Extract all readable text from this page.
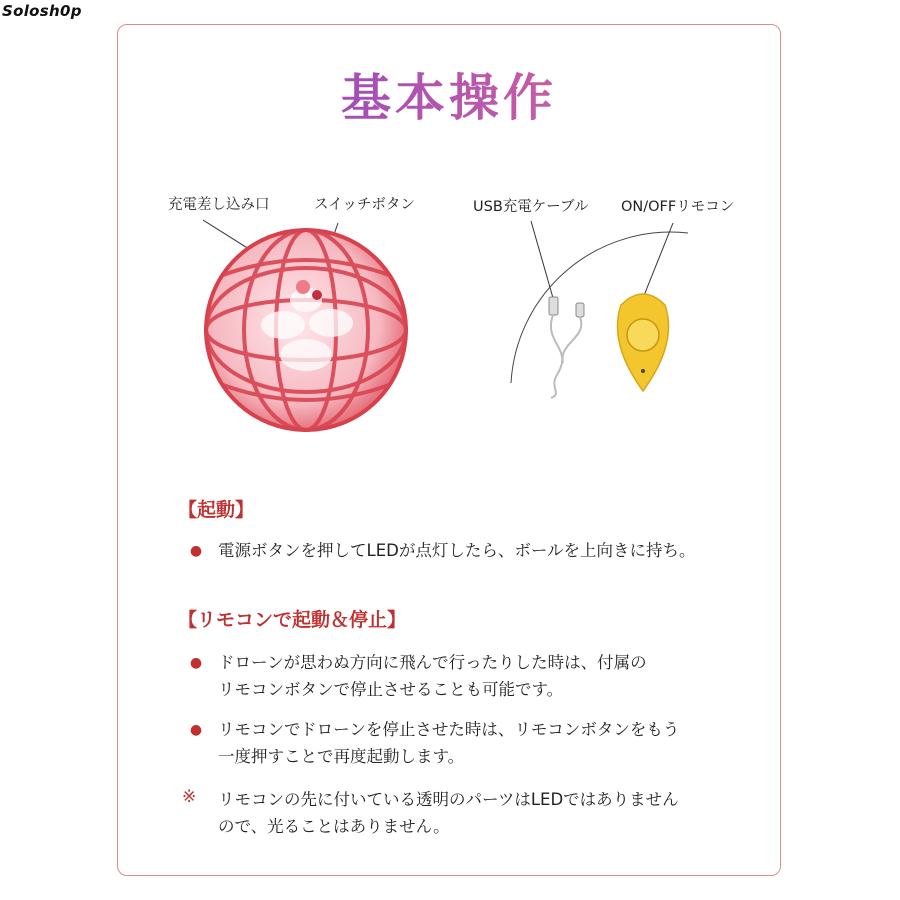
Solosh0p
基本操作
充電差し込み口	スイッチボタン	USB充電ケーブル ON/OFFリモコン
【起動】
● 電源ボタンを押してLEDが点灯したら、ボールを上向きに持ち。
【リモコンで起動＆停止】
● ドローンが思わぬ方向に飛んで行ったりした時は、付属の
リモコンボタンで停止させることも可能です。
● リモコンでドローンを停止させた時は、リモコンボタンをもう
一度押すことで再度起動します。
※ リモコンの先に付いている透明のパーツはLEDではありません
ので、光ることはありません。
